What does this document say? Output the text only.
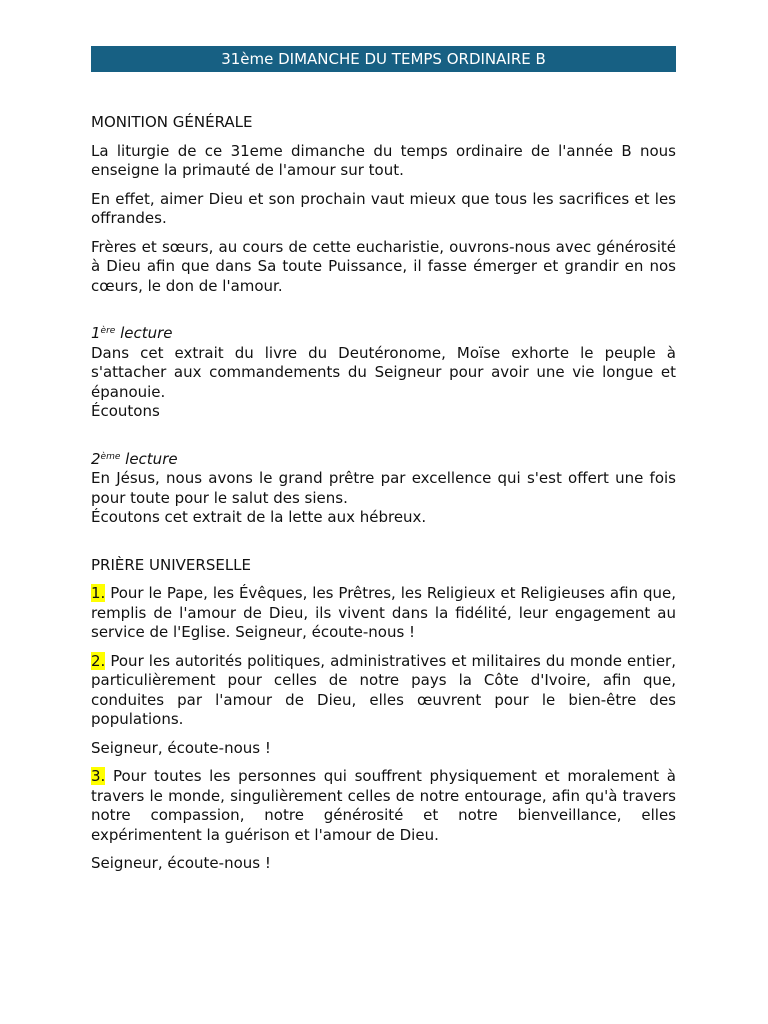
31ème DIMANCHE DU TEMPS ORDINAIRE B

MONITION GÉNÉRALE

La liturgie de ce 31eme dimanche du temps ordinaire de l'année B nous enseigne la primauté de l'amour sur tout.

En effet, aimer Dieu et son prochain vaut mieux que tous les sacrifices et les offrandes.

Frères et sœurs, au cours de cette eucharistie, ouvrons-nous avec générosité à Dieu afin que dans Sa toute Puissance, il fasse émerger et grandir en nos cœurs, le don de l'amour.

1ère lecture

Dans cet extrait du livre du Deutéronome, Moïse exhorte le peuple à s'attacher aux commandements du Seigneur pour avoir une vie longue et épanouie.

Écoutons

2ème lecture

En Jésus, nous avons le grand prêtre par excellence qui s'est offert une fois pour toute pour le salut des siens.

Écoutons cet extrait de la lette aux hébreux.

PRIÈRE UNIVERSELLE

1. Pour le Pape, les Évêques, les Prêtres, les Religieux et Religieuses afin que, remplis de l'amour de Dieu, ils vivent dans la fidélité, leur engagement au service de l'Eglise. Seigneur, écoute-nous !

2. Pour les autorités politiques, administratives et militaires du monde entier, particulièrement pour celles de notre pays la Côte d'Ivoire, afin que, conduites par l'amour de Dieu, elles œuvrent pour le bien-être des populations.

Seigneur, écoute-nous !

3. Pour toutes les personnes qui souffrent physiquement et moralement à travers le monde, singulièrement celles de notre entourage, afin qu'à travers notre compassion, notre générosité et notre bienveillance, elles expérimentent la guérison et l'amour de Dieu.

Seigneur, écoute-nous !
